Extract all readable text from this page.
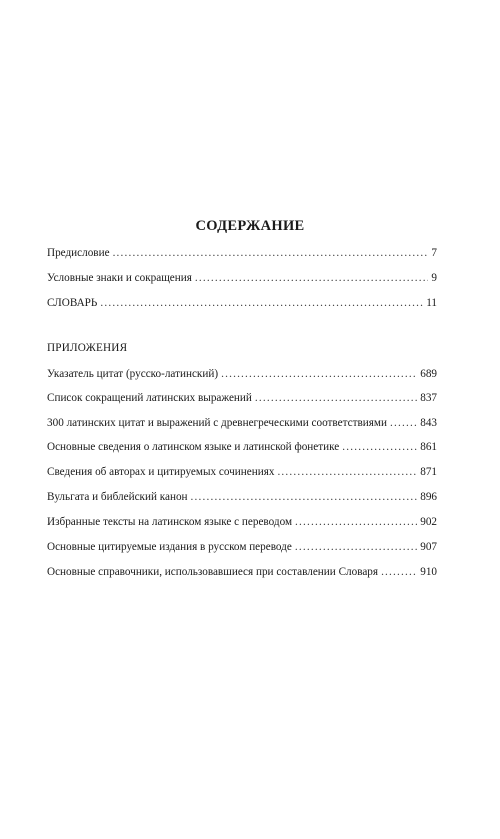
СОДЕРЖАНИЕ
Предисловие .....	7
Условные знаки и сокращения .....	9
СЛОВАРЬ .....	11
ПРИЛОЖЕНИЯ
Указатель цитат (русско-латинский) .....	689
Список сокращений латинских выражений .....	837
300 латинских цитат и выражений с древнегреческими соответствиями .....	843
Основные сведения о латинском языке и латинской фонетике .....	861
Сведения об авторах и цитируемых сочинениях .....	871
Вульгата и библейский канон .....	896
Избранные тексты на латинском языке с переводом .....	902
Основные цитируемые издания в русском переводе .....	907
Основные справочники, использовавшиеся при составлении Словаря .....	910
